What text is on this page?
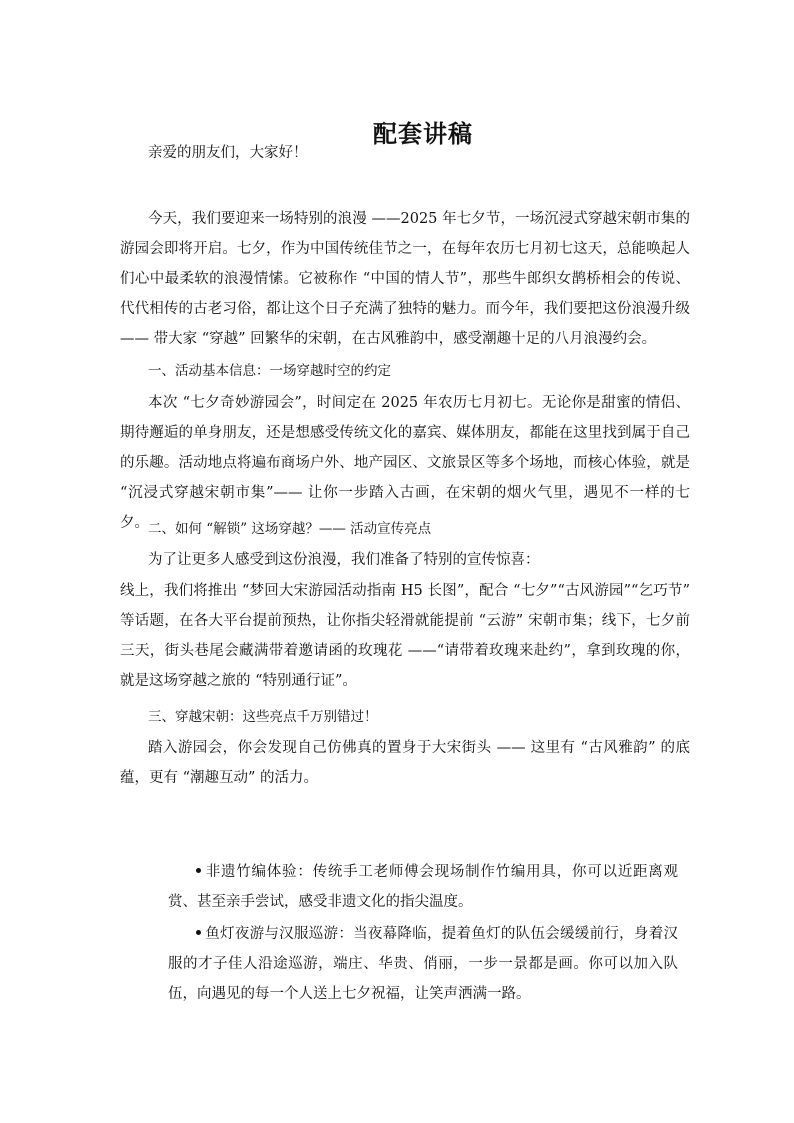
配套讲稿

亲爱的朋友们，大家好！

今天，我们要迎来一场特别的浪漫 ——2025 年七夕节，一场沉浸式穿越宋朝市集的游园会即将开启。七夕，作为中国传统佳节之一，在每年农历七月初七这天，总能唤起人们心中最柔软的浪漫情愫。它被称作 “中国的情人节”，那些牛郎织女鹊桥相会的传说、代代相传的古老习俗，都让这个日子充满了独特的魅力。而今年，我们要把这份浪漫升级 —— 带大家 “穿越” 回繁华的宋朝，在古风雅韵中，感受潮趣十足的八月浪漫约会。

一、活动基本信息：一场穿越时空的约定

本次 “七夕奇妙游园会”，时间定在 2025 年农历七月初七。无论你是甜蜜的情侣、期待邂逅的单身朋友，还是想感受传统文化的嘉宾、媒体朋友，都能在这里找到属于自己的乐趣。活动地点将遍布商场户外、地产园区、文旅景区等多个场地，而核心体验，就是 “沉浸式穿越宋朝市集”—— 让你一步踏入古画，在宋朝的烟火气里，遇见不一样的七夕。 二、如何 “解锁” 这场穿越？—— 活动宣传亮点

为了让更多人感受到这份浪漫，我们准备了特别的宣传惊喜：

线上，我们将推出 “梦回大宋游园活动指南 H5 长图”，配合 “七夕”“古风游园”“乞巧节” 等话题，在各大平台提前预热，让你指尖轻滑就能提前 “云游” 宋朝市集；线下，七夕前三天，街头巷尾会藏满带着邀请函的玫瑰花 ——“请带着玫瑰来赴约”，拿到玫瑰的你，就是这场穿越之旅的 “特别通行证”。

三、穿越宋朝：这些亮点千万别错过！

踏入游园会，你会发现自己仿佛真的置身于大宋街头 —— 这里有 “古风雅韵” 的底蕴，更有 “潮趣互动” 的活力。

非遗竹编体验：传统手工老师傅会现场制作竹编用具，你可以近距离观赏、甚至亲手尝试，感受非遗文化的指尖温度。

鱼灯夜游与汉服巡游：当夜幕降临，提着鱼灯的队伍会缓缓前行，身着汉服的才子佳人沿途巡游，端庄、华贵、俏丽，一步一景都是画。你可以加入队伍，向遇见的每一个人送上七夕祝福，让笑声洒满一路。
